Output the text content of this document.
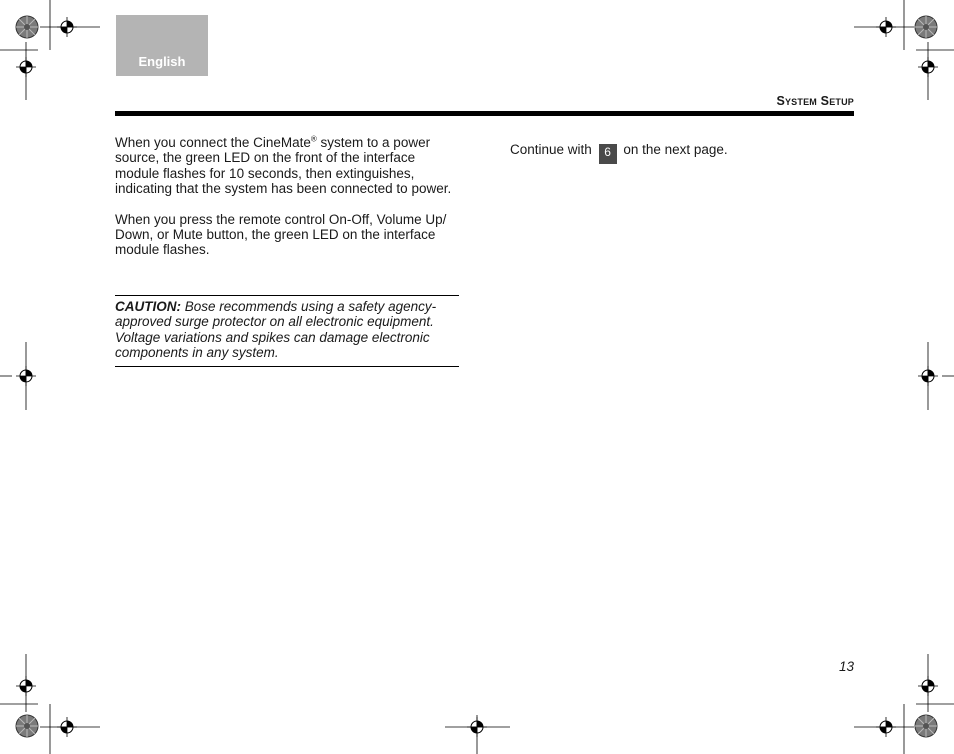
English
System Setup

When you connect the CineMate® system to a power source, the green LED on the front of the interface module flashes for 10 seconds, then extinguishes, indicating that the system has been connected to power.

When you press the remote control On-Off, Volume Up/ Down, or Mute button, the green LED on the interface module flashes.

CAUTION: Bose recommends using a safety agency-approved surge protector on all electronic equipment. Voltage variations and spikes can damage electronic components in any system.
Continue with 6 on the next page.
13
